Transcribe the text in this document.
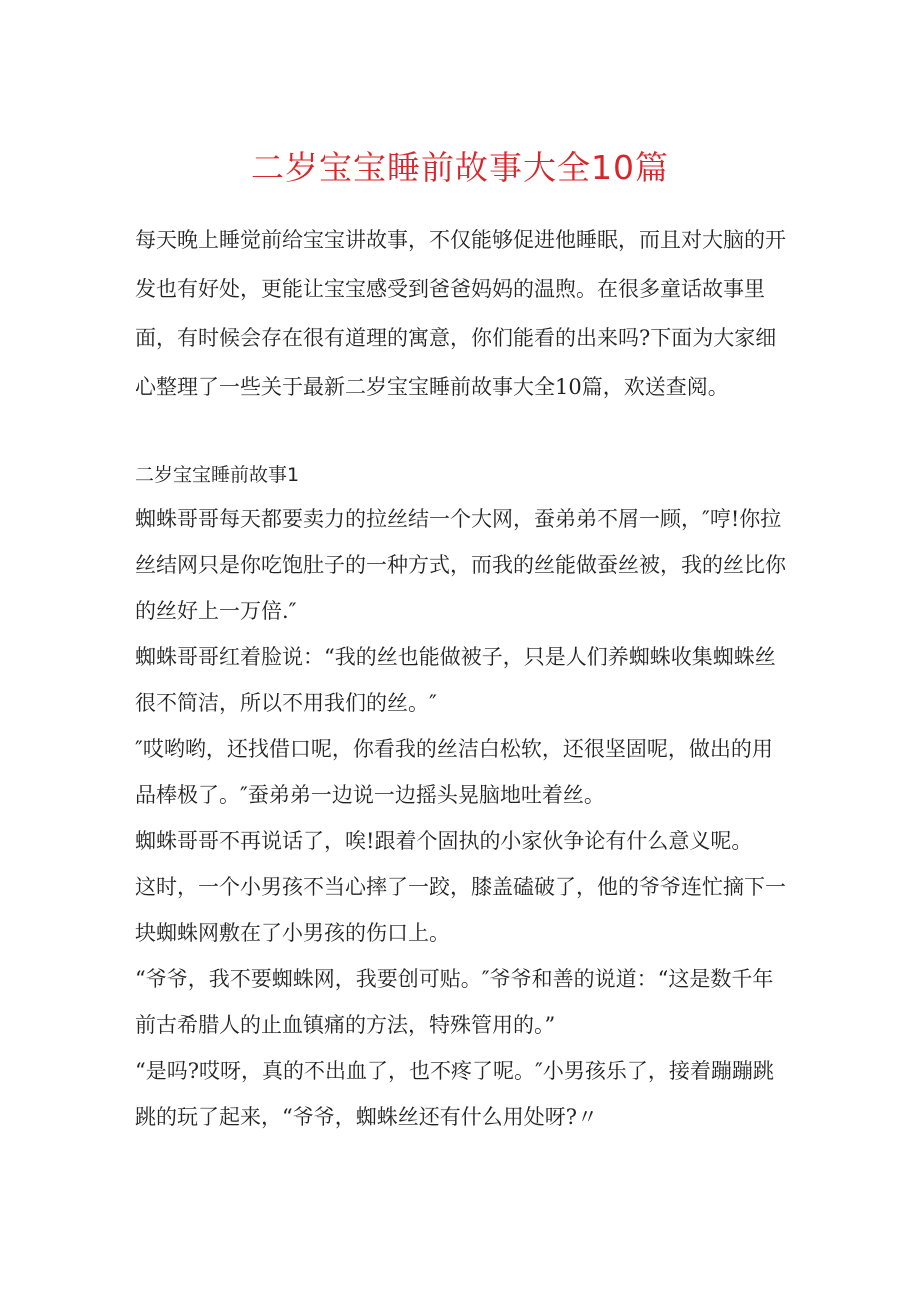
二岁宝宝睡前故事大全10篇

每天晚上睡觉前给宝宝讲故事，不仅能够促进他睡眠，而且对大脑的开发也有好处，更能让宝宝感受到爸爸妈妈的温煦。在很多童话故事里面，有时候会存在很有道理的寓意，你们能看的出来吗?下面为大家细心整理了一些关于最新二岁宝宝睡前故事大全10篇，欢送查阅。

二岁宝宝睡前故事1

蜘蛛哥哥每天都要卖力的拉丝结一个大网，蚕弟弟不屑一顾，″哼!你拉丝结网只是你吃饱肚子的一种方式，而我的丝能做蚕丝被，我的丝比你的丝好上一万倍.″

蜘蛛哥哥红着脸说：“我的丝也能做被子，只是人们养蜘蛛收集蜘蛛丝很不简洁，所以不用我们的丝。″

″哎哟哟，还找借口呢，你看我的丝洁白松软，还很坚固呢，做出的用品棒极了。″蚕弟弟一边说一边摇头晃脑地吐着丝。

蜘蛛哥哥不再说话了，唉!跟着个固执的小家伙争论有什么意义呢。

这时，一个小男孩不当心摔了一跤，膝盖磕破了，他的爷爷连忙摘下一块蜘蛛网敷在了小男孩的伤口上。

“爷爷，我不要蜘蛛网，我要创可贴。″爷爷和善的说道：“这是数千年前古希腊人的止血镇痛的方法，特殊管用的。”

“是吗?哎呀，真的不出血了，也不疼了呢。″小男孩乐了，接着蹦蹦跳跳的玩了起来，“爷爷，蜘蛛丝还有什么用处呀?〃
